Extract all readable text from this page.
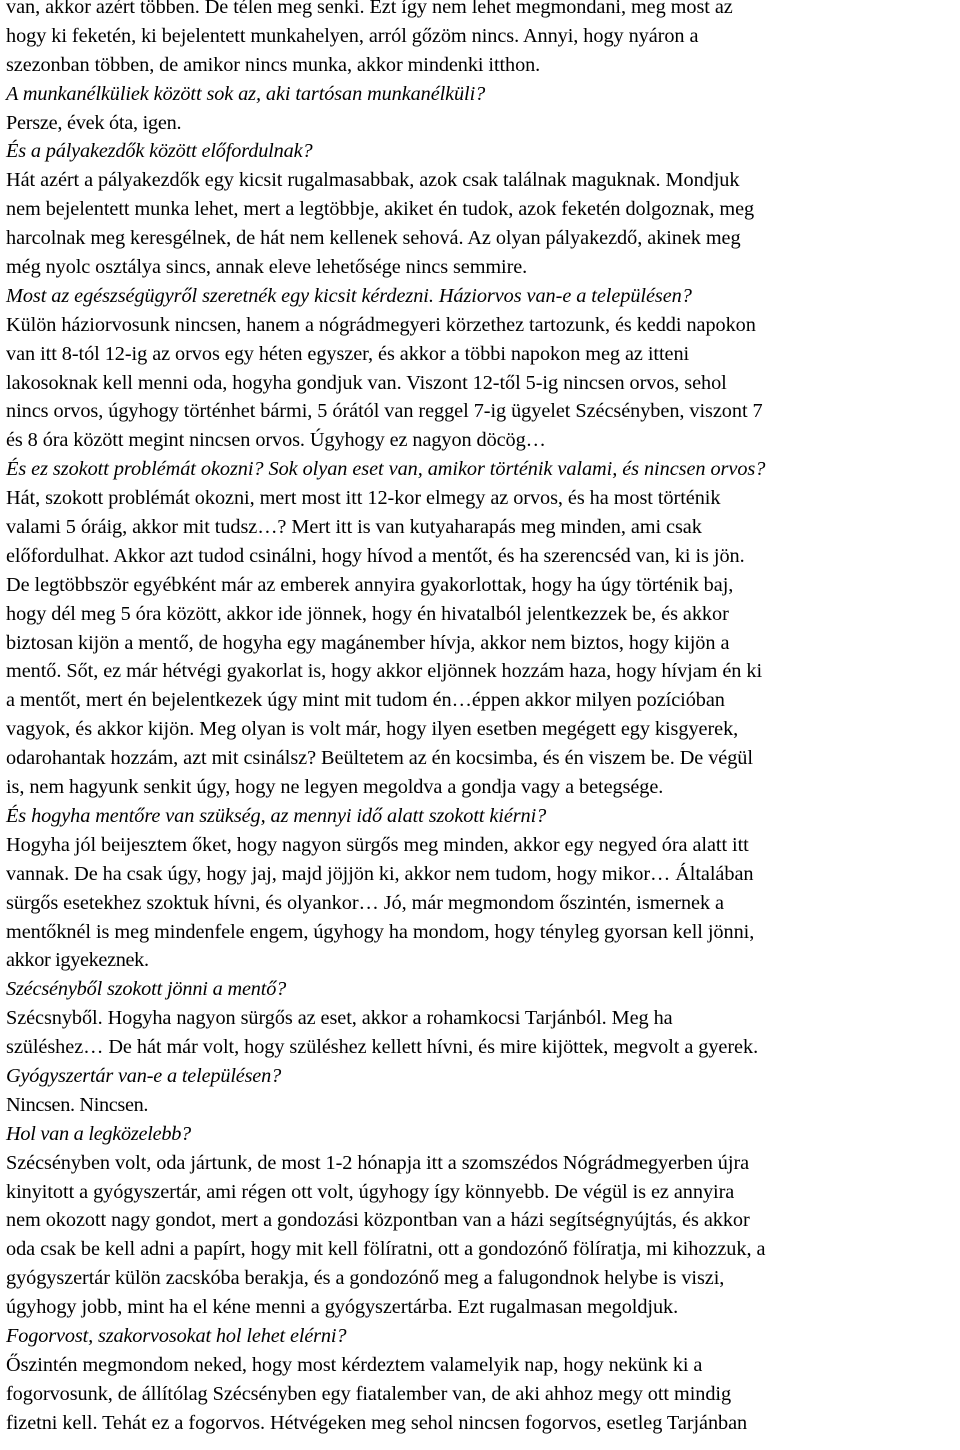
van, akkor azért többen. De télen meg senki. Ezt így nem lehet megmondani, meg most az

hogy ki feketén, ki bejelentett munkahelyen, arról gőzöm nincs. Annyi, hogy nyáron a

szezonban többen, de amikor nincs munka, akkor mindenki itthon.

A munkanélküliek között sok az, aki tartósan munkanélküli?

Persze, évek óta, igen.

És a pályakezdők között előfordulnak?

Hát azért a pályakezdők egy kicsit rugalmasabbak, azok csak találnak maguknak. Mondjuk

nem bejelentett munka lehet, mert a legtöbbje, akiket én tudok, azok feketén dolgoznak, meg

harcolnak meg keresgélnek, de hát nem kellenek sehová. Az olyan pályakezdő, akinek meg

még nyolc osztálya sincs, annak eleve lehetősége nincs semmire.

Most az egészségügyről szeretnék egy kicsit kérdezni. Háziorvos van-e a településen?

Külön háziorvosunk nincsen, hanem a nógrádmegyeri körzethez tartozunk, és keddi napokon

van itt 8-tól 12-ig az orvos egy héten egyszer, és akkor a többi napokon meg az itteni

lakosoknak kell menni oda, hogyha gondjuk van. Viszont 12-től 5-ig nincsen orvos, sehol

nincs orvos, úgyhogy történhet bármi, 5 órától van reggel 7-ig ügyelet Szécsényben, viszont 7

és 8 óra között megint nincsen orvos. Úgyhogy ez nagyon döcög…

És ez szokott problémát okozni? Sok olyan eset van, amikor történik valami, és nincsen orvos?

Hát, szokott problémát okozni, mert most itt 12-kor elmegy az orvos, és ha most történik

valami 5 óráig, akkor mit tudsz…? Mert itt is van kutyaharapás meg minden, ami csak

előfordulhat. Akkor azt tudod csinálni, hogy hívod a mentőt, és ha szerencséd van, ki is jön.

De legtöbbször egyébként már az emberek annyira gyakorlottak, hogy ha úgy történik baj,

hogy dél meg 5 óra között, akkor ide jönnek, hogy én hivatalból jelentkezzek be, és akkor

biztosan kijön a mentő, de hogyha egy magánember hívja, akkor nem biztos, hogy kijön a

mentő. Sőt, ez már hétvégi gyakorlat is, hogy akkor eljönnek hozzám haza, hogy hívjam én ki

a mentőt, mert én bejelentkezek úgy mint mit tudom én…éppen akkor milyen pozícióban

vagyok, és akkor kijön. Meg olyan is volt már, hogy ilyen esetben megégett egy kisgyerek,

odarohantak hozzám, azt mit csinálsz? Beültetem az én kocsimba, és én viszem be. De végül

is, nem hagyunk senkit úgy, hogy ne legyen megoldva a gondja vagy a betegsége.

És hogyha mentőre van szükség, az mennyi idő alatt szokott kiérni?

Hogyha jól beijesztem őket, hogy nagyon sürgős meg minden, akkor egy negyed óra alatt itt

vannak. De ha csak úgy, hogy jaj, majd jöjjön ki, akkor nem tudom, hogy mikor… Általában

sürgős esetekhez szoktuk hívni, és olyankor… Jó, már megmondom őszintén, ismernek a

mentőknél is meg mindenfele engem, úgyhogy ha mondom, hogy tényleg gyorsan kell jönni,

akkor igyekeznek.

Szécsényből szokott jönni a mentő?

Szécsnyből. Hogyha nagyon sürgős az eset, akkor a rohamkocsi Tarjánból. Meg ha

szüléshez… De hát már volt, hogy szüléshez kellett hívni, és mire kijöttek, megvolt a gyerek.

Gyógyszertár van-e a településen?

Nincsen. Nincsen.

Hol van a legközelebb?

Szécsényben volt, oda jártunk, de most 1-2 hónapja itt a szomszédos Nógrádmegyerben újra

kinyitott a gyógyszertár, ami régen ott volt, úgyhogy így könnyebb. De végül is ez annyira

nem okozott nagy gondot, mert a gondozási központban van a házi segítségnyújtás, és akkor

oda csak be kell adni a papírt, hogy mit kell fölíratni, ott a gondozónő fölíratja, mi kihozzuk, a

gyógyszertár külön zacskóba berakja, és a gondozónő meg a falugondnok helybe is viszi,

úgyhogy jobb, mint ha el kéne menni a gyógyszertárba. Ezt rugalmasan megoldjuk.

Fogorvost, szakorvosokat hol lehet elérni?

Őszintén megmondom neked, hogy most kérdeztem valamelyik nap, hogy nekünk ki a

fogorvosunk, de állítólag Szécsényben egy fiatalember van, de aki ahhoz megy ott mindig

fizetni kell. Tehát ez a fogorvos. Hétvégeken meg sehol nincsen fogorvos, esetleg Tarjánban
